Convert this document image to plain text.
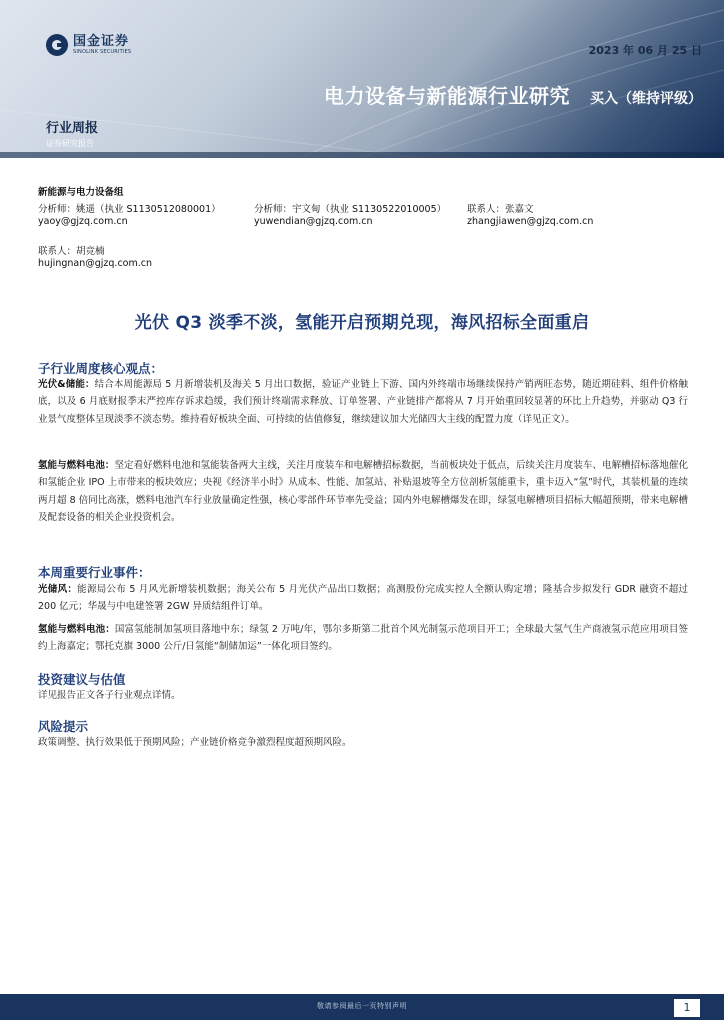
国金证券
SINOLINK SECURITIES	2023 年 06 月 25 日
电力设备与新能源行业研究 买入（维持评级）
行业周报
证券研究报告
新能源与电力设备组
分析师：姚遥（执业 S1130512080001）	分析师：宇文甸（执业 S1130522010005）	联系人：张嘉文
yaoy@gjzq.com.cn	yuwendian@gjzq.com.cn	zhangjiawen@gjzq.com.cn
联系人：胡竞楠
hujingnan@gjzq.com.cn
光伏 Q3 淡季不淡，氢能开启预期兑现，海风招标全面重启
子行业周度核心观点：

光伏&储能：结合本周能源局 5 月新增装机及海关 5 月出口数据，验证产业链上下游、国内外终端市场继续保持产销两旺态势，随近期硅料、组件价格触底，以及 6 月底财报季末严控库存诉求趋缓，我们预计终端需求释放、订单签署、产业链排产都将从 7 月开始重回较显著的环比上升趋势，并驱动 Q3 行业景气度整体呈现淡季不淡态势。维持看好板块全面、可持续的估值修复，继续建议加大光储四大主线的配置力度（详见正文）。

氢能与燃料电池：坚定看好燃料电池和氢能装备两大主线，关注月度装车和电解槽招标数据，当前板块处于低点，后续关注月度装车、电解槽招标落地催化和氢能企业 IPO 上市带来的板块效应；央视《经济半小时》从成本、性能、加氢站、补贴退坡等全方位剖析氢能重卡，重卡迈入“氢”时代，其装机量的连续两月超 8 倍同比高涨，燃料电池汽车行业放量确定性强，核心零部件环节率先受益；国内外电解槽爆发在即，绿氢电解槽项目招标大幅超预期，带来电解槽及配套设备的相关企业投资机会。

本周重要行业事件：

光储风：能源局公布 5 月风光新增装机数据；海关公布 5 月光伏产品出口数据；高测股份完成实控人全额认购定增；隆基合步拟发行 GDR 融资不超过 200 亿元；华晟与中电建签署 2GW 异质结组件订单。

氢能与燃料电池：国富氢能制加氢项目落地中东；绿氢 2 万吨/年，鄂尔多斯第二批首个风光制氢示范项目开工；全球最大氢气生产商液氢示范应用项目签约上海嘉定；鄂托克旗 3000 公斤/日氢能“制储加运”一体化项目签约。

投资建议与估值

详见报告正文各子行业观点详情。

风险提示

政策调整、执行效果低于预期风险；产业链价格竞争激烈程度超预期风险。

敬请参阅最后一页特别声明	1
